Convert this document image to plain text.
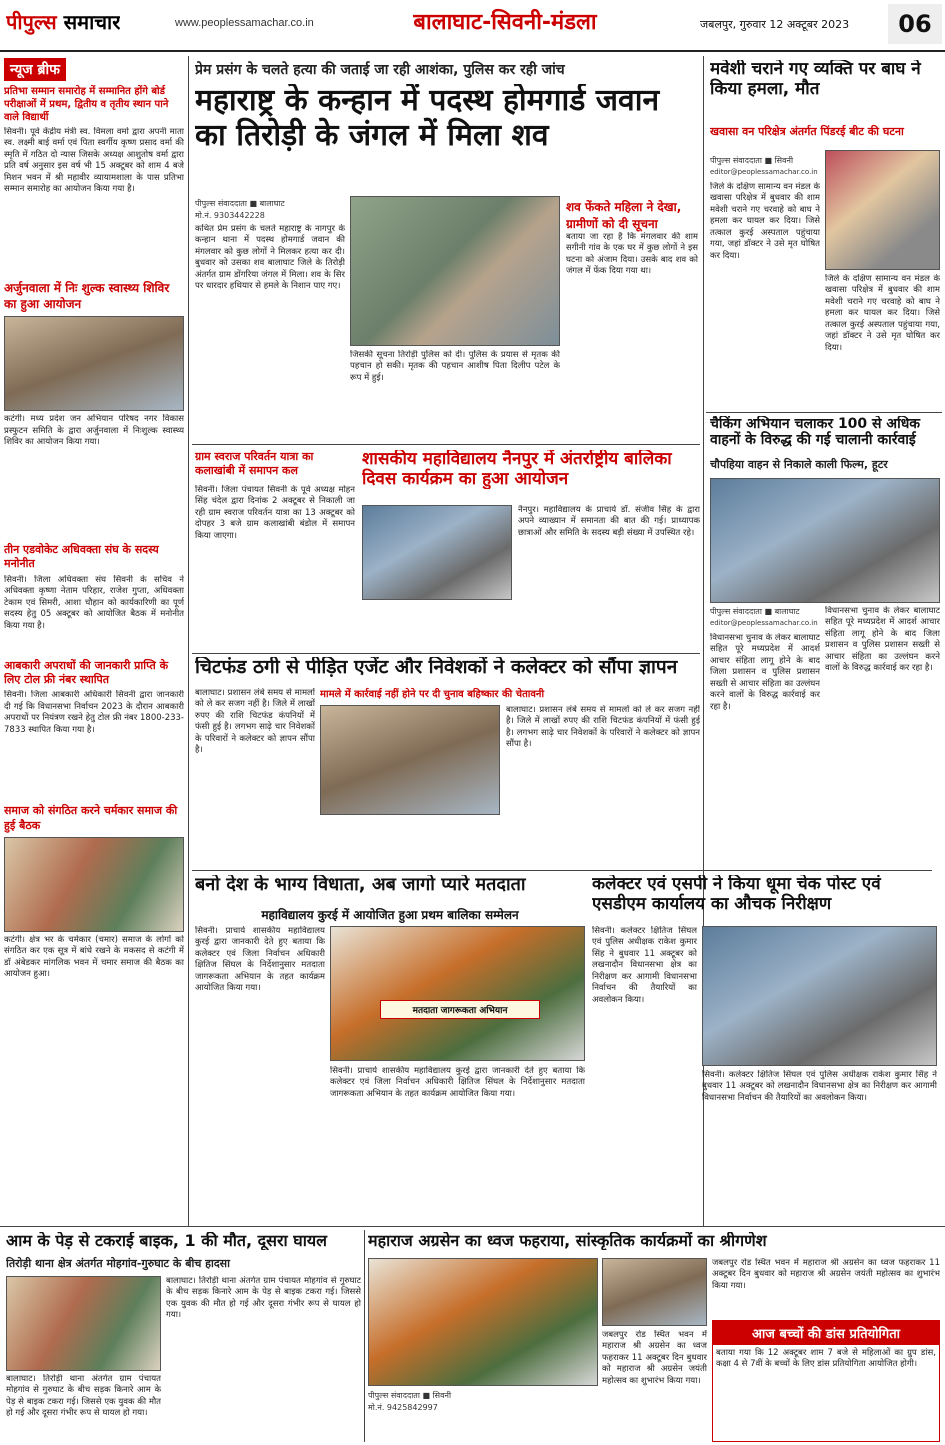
पीपुल्स समाचार	www.peoplessamachar.co.in	बालाघाट-सिवनी-मंडला	जबलपुर, गुरुवार 12 अक्टूबर 2023	06
न्यूज ब्रीफ
प्रतिभा सम्मान समारोह में सम्मानित होंगे बोर्ड परीक्षाओं में प्रथम, द्वितीय व तृतीय स्थान पाने वाले विद्यार्थी
सिवनी। पूर्व केंद्रीय मंत्री स्व. विमला वर्मा द्वारा अपनी माता स्व. लक्ष्मी बाई वर्मा एवं पिता स्वर्गीय कृष्ण प्रसाद वर्मा की स्मृति में गठित दो न्यास जिसके अध्यक्ष आशुतोष वर्मा द्वारा प्रति वर्ष अनुसार इस वर्ष भी 15 अक्टूबर को शाम 4 बजे मिशन भवन में श्री महावीर व्यायामशाला के पास प्रतिभा सम्मान समारोह का आयोजन किया गया है।
अर्जुनवाला में निः शुल्क स्वास्थ्य शिविर का हुआ आयोजन
कटंगी। मध्य प्रदेश जन अभियान परिषद नगर विकास प्रस्फुटन समिति के द्वारा अर्जुनवाला में निःशुल्क स्वास्थ्य शिविर का आयोजन किया गया।
तीन एडवोकेट अधिवक्ता संघ के सदस्य मनोनीत
सिवनी। जिला अधिवक्ता संघ सिवनी के सचिव ने अधिवक्ता कृष्णा नेताम परिहार, राजेश गुप्ता, अधिवक्ता टेकाम एवं सिमरी, आशा चौहान को कार्यकारिणी का पूर्ण सदस्य हेतु 05 अक्टूबर को आयोजित बैठक में मनोनीत किया गया है।
आबकारी अपराधों की जानकारी प्राप्ति के लिए टोल फ्री नंबर स्थापित
सिवनी। जिला आबकारी अधिकारी सिवनी द्वारा जानकारी दी गई कि विधानसभा निर्वाचन 2023 के दौरान आबकारी अपराधों पर नियंत्रण रखने हेतु टोल फ्री नंबर 1800-233-7833 स्थापित किया गया है।
समाज को संगठित करने चर्मकार समाज की हुई बैठक
कटंगी। क्षेत्र भर के चर्मकार (चमार) समाज के लोगों को संगठित कर एक सूत्र में बांधे रखने के मकसद से कटंगी में डॉ अंबेडकर मांगलिक भवन में चमार समाज की बैठक का आयोजन हुआ।
प्रेम प्रसंग के चलते हत्या की जताई जा रही आशंका, पुलिस कर रही जांच
महाराष्ट्र के कन्हान में पदस्थ होमगार्ड जवान का तिरोड़ी के जंगल में मिला शव
पीपुल्स संवाददाता ■ बालाघाट
मो.नं. 9303442228
कथित प्रेम प्रसंग के चलते महाराष्ट्र के नागपुर के कन्हान थाना में पदस्थ होमगार्ड जवान की मंगलवार को कुछ लोगों ने मिलकर हत्या कर दी। बुधवार को उसका शव बालाघाट जिले के तिरोड़ी अंतर्गत ग्राम डोंगरिया जंगल में मिला। शव के सिर पर धारदार हथियार से हमले के निशान पाए गए।
जिसकी सूचना तिरोड़ी पुलिस को दी। पुलिस के प्रयास से मृतक की पहचान हो सकी। मृतक की पहचान आशीष पिता दिलीप पटेल के रूप में हुई।
शव फेंकते महिला ने देखा, ग्रामीणों को दी सूचना
बताया जा रहा है कि मंगलवार की शाम सगीनी गांव के एक घर में कुछ लोगों ने इस घटना को अंजाम दिया। उसके बाद शव को जंगल में फेंक दिया गया था।
ग्राम स्वराज परिवर्तन यात्रा का कलाखांबी में समापन कल
सिवनी। जिला पंचायत सिवनी के पूर्व अध्यक्ष मोहन सिंह चंदेल द्वारा दिनांक 2 अक्टूबर से निकाली जा रही ग्राम स्वराज परिवर्तन यात्रा का 13 अक्टूबर को दोपहर 3 बजे ग्राम कलाखांबी बंडोल में समापन किया जाएगा।
शासकीय महाविद्यालय नैनपुर में अंतर्राष्ट्रीय बालिका दिवस कार्यक्रम का हुआ आयोजन
नैनपुर। महाविद्यालय के प्राचार्य डॉ. संजीव सिंह के द्वारा अपने व्याख्यान में समानता की बात की गई। प्राध्यापक छात्राओं और समिति के सदस्य बड़ी संख्या में उपस्थित रहे।
चिटफंड ठगी से पीड़ित एजेंट और निवेशकों ने कलेक्टर को सौंपा ज्ञापन
मामले में कार्रवाई नहीं होने पर दी चुनाव बहिष्कार की चेतावनी
बालाघाट। प्रशासन लंबे समय से मामलों को ले कर सजग नहीं है। जिले में लाखों रुपए की राशि चिटफंड कंपनियों में फंसी हुई है। लगभग साढ़े चार निवेशकों के परिवारों ने कलेक्टर को ज्ञापन सौंपा है।
बालाघाट। प्रशासन लंबे समय से मामलों को ले कर सजग नहीं है। जिले में लाखों रुपए की राशि चिटफंड कंपनियों में फंसी हुई है। लगभग साढ़े चार निवेशकों के परिवारों ने कलेक्टर को ज्ञापन सौंपा है।
बनो देश के भाग्य विधाता, अब जागो प्यारे मतदाता
महाविद्यालय कुरई में आयोजित हुआ प्रथम बालिका सम्मेलन
सिवनी। प्राचार्य शासकीय महाविद्यालय कुरई द्वारा जानकारी देते हुए बताया कि कलेक्टर एवं जिला निर्वाचन अधिकारी क्षितिज सिंघल के निर्देशानुसार मतदाता जागरूकता अभियान के तहत कार्यक्रम आयोजित किया गया।
मतदाता जागरूकता अभियान
सिवनी। प्राचार्य शासकीय महाविद्यालय कुरई द्वारा जानकारी देते हुए बताया कि कलेक्टर एवं जिला निर्वाचन अधिकारी क्षितिज सिंघल के निर्देशानुसार मतदाता जागरूकता अभियान के तहत कार्यक्रम आयोजित किया गया।
कलेक्टर एवं एसपी ने किया धूमा चेक पोस्ट एवं एसडीएम कार्यालय का औचक निरीक्षण
सिवनी। कलेक्टर क्षितिज सिंघल एवं पुलिस अधीक्षक राकेश कुमार सिंह ने बुधवार 11 अक्टूबर को लखनादौन विधानसभा क्षेत्र का निरीक्षण कर आगामी विधानसभा निर्वाचन की तैयारियों का अवलोकन किया।
सिवनी। कलेक्टर क्षितिज सिंघल एवं पुलिस अधीक्षक राकेश कुमार सिंह ने बुधवार 11 अक्टूबर को लखनादौन विधानसभा क्षेत्र का निरीक्षण कर आगामी विधानसभा निर्वाचन की तैयारियों का अवलोकन किया।
मवेशी चराने गए व्यक्ति पर बाघ ने किया हमला, मौत
खवासा वन परिक्षेत्र अंतर्गत पिंडरई बीट की घटना
पीपुल्स संवाददाता ■ सिवनी
editor@peoplessamachar.co.in
जिले के दक्षिण सामान्य वन मंडल के खवासा परिक्षेत्र में बुधवार की शाम मवेशी चराने गए चरवाहे को बाघ ने हमला कर घायल कर दिया। जिसे तत्काल कुरई अस्पताल पहुंचाया गया, जहां डॉक्टर ने उसे मृत घोषित कर दिया।
जिले के दक्षिण सामान्य वन मंडल के खवासा परिक्षेत्र में बुधवार की शाम मवेशी चराने गए चरवाहे को बाघ ने हमला कर घायल कर दिया। जिसे तत्काल कुरई अस्पताल पहुंचाया गया, जहां डॉक्टर ने उसे मृत घोषित कर दिया।
चैकिंग अभियान चलाकर 100 से अधिक वाहनों के विरुद्ध की गई चालानी कार्रवाई
चौपहिया वाहन से निकाले काली फिल्म, हूटर
पीपुल्स संवाददाता ■ बालाघाट
editor@peoplessamachar.co.in
विधानसभा चुनाव के लेकर बालाघाट सहित पूरे मध्यप्रदेश में आदर्श आचार संहिता लागू होने के बाद जिला प्रशासन व पुलिस प्रशासन सख्ती से आचार संहिता का उल्लंघन करने वालों के विरुद्ध कार्रवाई कर रहा है।
विधानसभा चुनाव के लेकर बालाघाट सहित पूरे मध्यप्रदेश में आदर्श आचार संहिता लागू होने के बाद जिला प्रशासन व पुलिस प्रशासन सख्ती से आचार संहिता का उल्लंघन करने वालों के विरुद्ध कार्रवाई कर रहा है।
आम के पेड़ से टकराई बाइक, 1 की मौत, दूसरा घायल
तिरोड़ी थाना क्षेत्र अंतर्गत मोहगांव-गुरुघाट के बीच हादसा
बालाघाट। तिरोड़ी थाना अंतर्गत ग्राम पंचायत मोहगांव से गुरुघाट के बीच सड़क किनारे आम के पेड़ से बाइक टकरा गई। जिससे एक युवक की मौत हो गई और दूसरा गंभीर रूप से घायल हो गया।
बालाघाट। तिरोड़ी थाना अंतर्गत ग्राम पंचायत मोहगांव से गुरुघाट के बीच सड़क किनारे आम के पेड़ से बाइक टकरा गई। जिससे एक युवक की मौत हो गई और दूसरा गंभीर रूप से घायल हो गया।
महाराज अग्रसेन का ध्वज फहराया, सांस्कृतिक कार्यक्रमों का श्रीगणेश
पीपुल्स संवाददाता ■ सिवनी
मो.नं. 9425842997
जबलपुर रोड स्थित भवन में महाराज श्री अग्रसेन का ध्वज फहराकर 11 अक्टूबर दिन बुधवार को महाराज श्री अग्रसेन जयंती महोत्सव का शुभारंभ किया गया।
जबलपुर रोड स्थित भवन में महाराज श्री अग्रसेन का ध्वज फहराकर 11 अक्टूबर दिन बुधवार को महाराज श्री अग्रसेन जयंती महोत्सव का शुभारंभ किया गया।
आज बच्चों की डांस प्रतियोगिता
बताया गया कि 12 अक्टूबर शाम 7 बजे से महिलाओं का ग्रुप डांस, कक्षा 4 से 7वीं के बच्चों के लिए डांस प्रतियोगिता आयोजित होगी।
